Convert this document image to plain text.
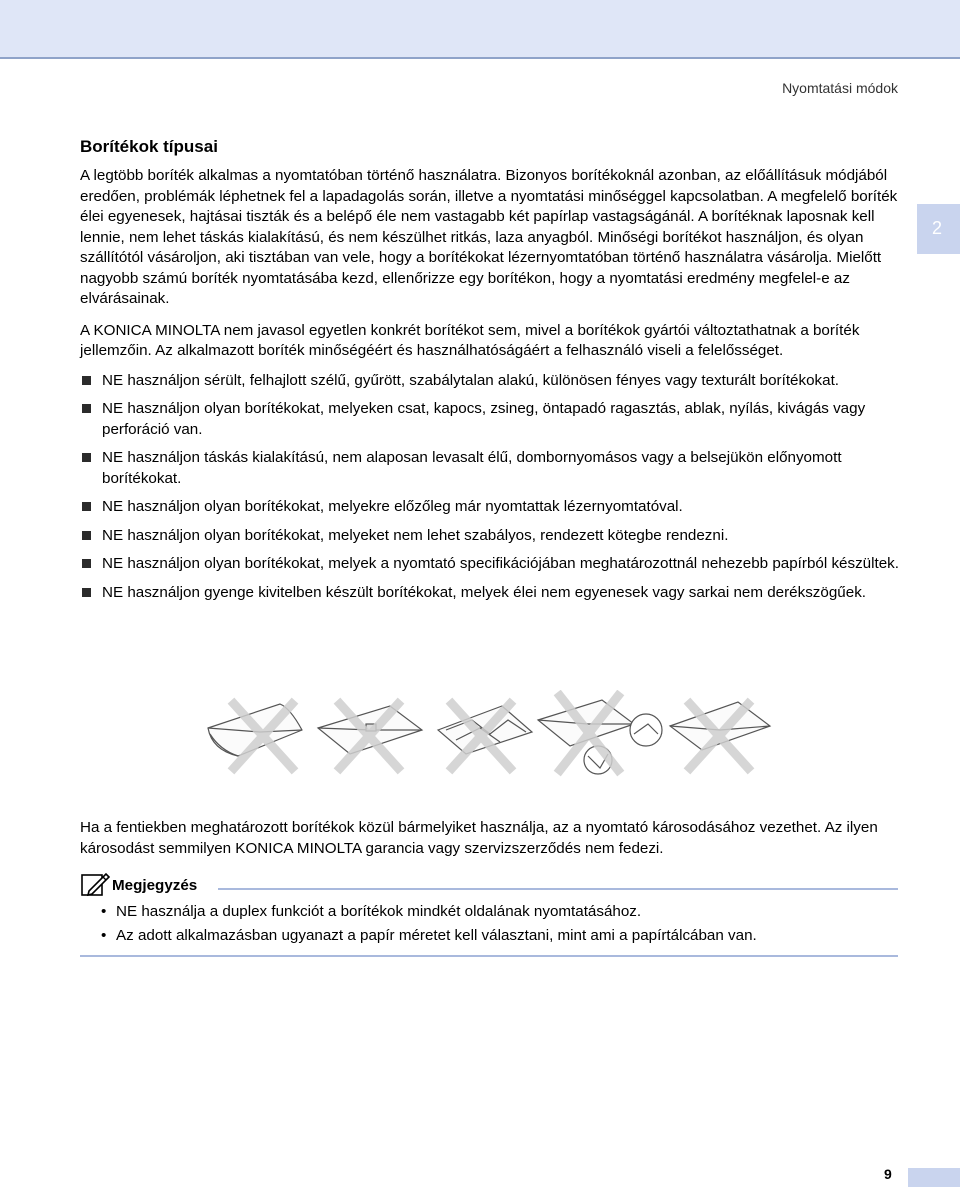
Nyomtatási módok
2
Borítékok típusai

A legtöbb boríték alkalmas a nyomtatóban történő használatra. Bizonyos borítékoknál azonban, az előállításuk módjából eredően, problémák léphetnek fel a lapadagolás során, illetve a nyomtatási minőséggel kapcsolatban. A megfelelő boríték élei egyenesek, hajtásai tiszták és a belépő éle nem vastagabb két papírlap vastagságánál. A borítéknak laposnak kell lennie, nem lehet táskás kialakítású, és nem készülhet ritkás, laza anyagból. Minőségi borítékot használjon, és olyan szállítótól vásároljon, aki tisztában van vele, hogy a borítékokat lézernyomtatóban történő használatra vásárolja. Mielőtt nagyobb számú boríték nyomtatásába kezd, ellenőrizze egy borítékon, hogy a nyomtatási eredmény megfelel-e az elvárásainak.

A KONICA MINOLTA nem javasol egyetlen konkrét borítékot sem, mivel a borítékok gyártói változtathatnak a boríték jellemzőin. Az alkalmazott boríték minőségéért és használhatóságáért a felhasználó viseli a felelősséget.

NE használjon sérült, felhajlott szélű, gyűrött, szabálytalan alakú, különösen fényes vagy texturált borítékokat.
NE használjon olyan borítékokat, melyeken csat, kapocs, zsineg, öntapadó ragasztás, ablak, nyílás, kivágás vagy perforáció van.
NE használjon táskás kialakítású, nem alaposan levasalt élű, dombornyomásos vagy a belsejükön előnyomott borítékokat.
NE használjon olyan borítékokat, melyekre előzőleg már nyomtattak lézernyomtatóval.
NE használjon olyan borítékokat, melyeket nem lehet szabályos, rendezett kötegbe rendezni.
NE használjon olyan borítékokat, melyek a nyomtató specifikációjában meghatározottnál nehezebb papírból készültek.
NE használjon gyenge kivitelben készült borítékokat, melyek élei nem egyenesek vagy sarkai nem derékszögűek.

Ha a fentiekben meghatározott borítékok közül bármelyiket használja, az a nyomtató károsodásához vezethet. Az ilyen károsodást semmilyen KONICA MINOLTA garancia vagy szervizszerződés nem fedezi.

Megjegyzés
• NE használja a duplex funkciót a borítékok mindkét oldalának nyomtatásához.
• Az adott alkalmazásban ugyanazt a papír méretet kell választani, mint ami a papírtálcában van.
9
